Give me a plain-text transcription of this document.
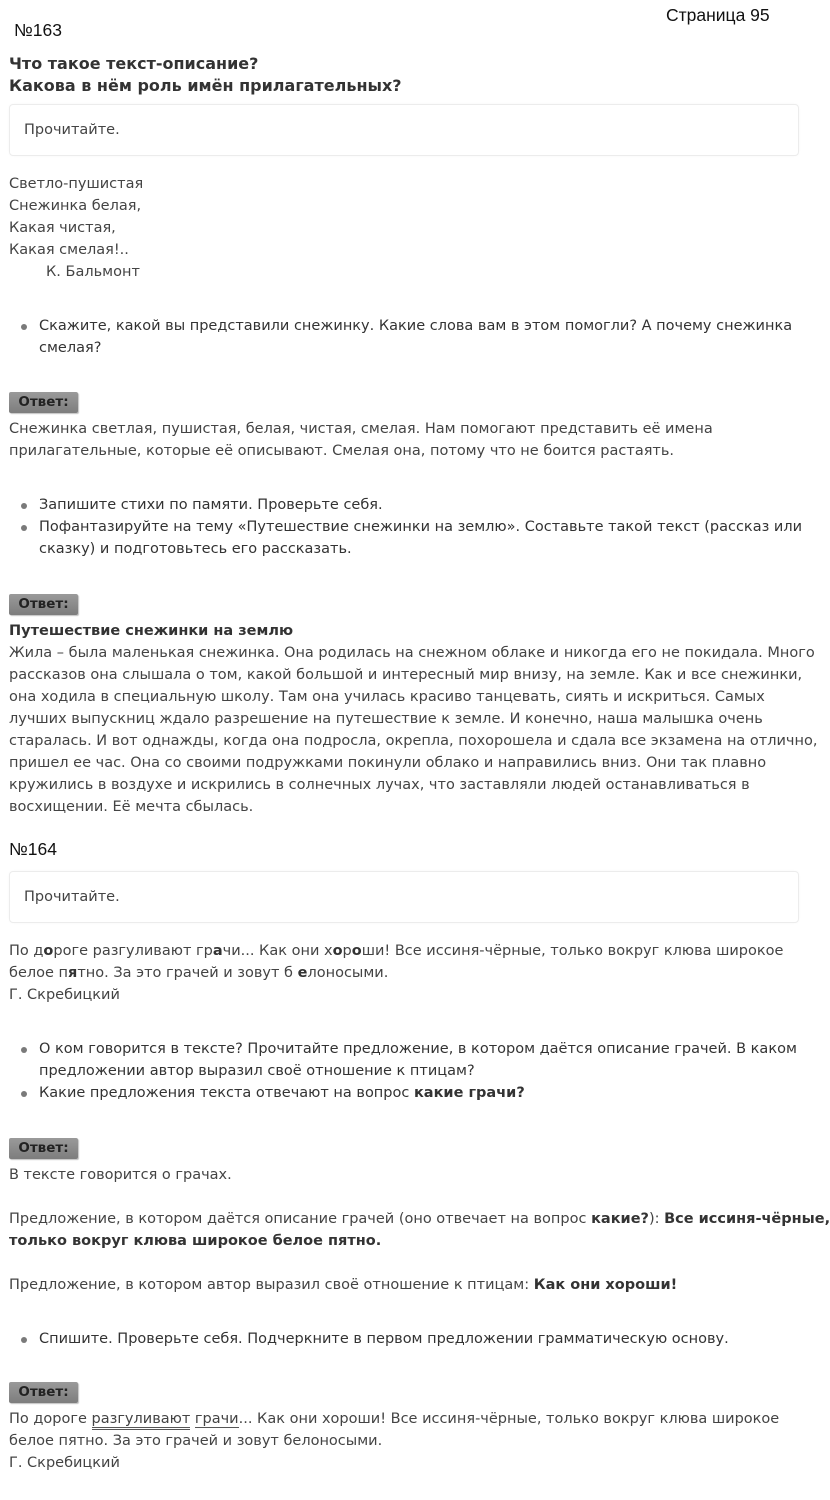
Страница 95
№163
Что такое текст-описание?
Какова в нём роль имён прилагательных?
Прочитайте.
Светло-пушистая
Снежинка белая,
Какая чистая,
Какая смелая!..
К. Бальмонт
Скажите, какой вы представили снежинку. Какие слова вам в этом помогли? А почему снежинка
смелая?
Ответ:
Снежинка светлая, пушистая, белая, чистая, смелая. Нам помогают представить её имена
прилагательные, которые её описывают. Смелая она, потому что не боится растаять.
Запишите стихи по памяти. Проверьте себя.
Пофантазируйте на тему «Путешествие снежинки на землю». Составьте такой текст (рассказ или
сказку) и подготовьтесь его рассказать.
Ответ:
Путешествие снежинки на землю
Жила – была маленькая снежинка. Она родилась на снежном облаке и никогда его не покидала. Много
рассказов она слышала о том, какой большой и интересный мир внизу, на земле. Как и все снежинки,
она ходила в специальную школу. Там она училась красиво танцевать, сиять и искриться. Самых
лучших выпускниц ждало разрешение на путешествие к земле. И конечно, наша малышка очень
старалась. И вот однажды, когда она подросла, окрепла, похорошела и сдала все экзамена на отлично,
пришел ее час. Она со своими подружками покинули облако и направились вниз. Они так плавно
кружились в воздухе и искрились в солнечных лучах, что заставляли людей останавливаться в
восхищении. Её мечта сбылась.
№164
Прочитайте.
По дороге разгуливают грачи... Как они хороши! Все иссиня-чёрные, только вокруг клюва широкое
белое пятно. За это грачей и зовут б елоносыми.
Г. Скребицкий
О ком говорится в тексте? Прочитайте предложение, в котором даётся описание грачей. В каком
предложении автор выразил своё отношение к птицам?
Какие предложения текста отвечают на вопрос какие грачи?
Ответ:
В тексте говорится о грачах.
Предложение, в котором даётся описание грачей (оно отвечает на вопрос какие?): Все иссиня-чёрные,
только вокруг клюва широкое белое пятно.
Предложение, в котором автор выразил своё отношение к птицам: Как они хороши!
Спишите. Проверьте себя. Подчеркните в первом предложении грамматическую основу.
Ответ:
По дороге разгуливают грачи... Как они хороши! Все иссиня-чёрные, только вокруг клюва широкое
белое пятно. За это грачей и зовут белоносыми.
Г. Скребицкий
